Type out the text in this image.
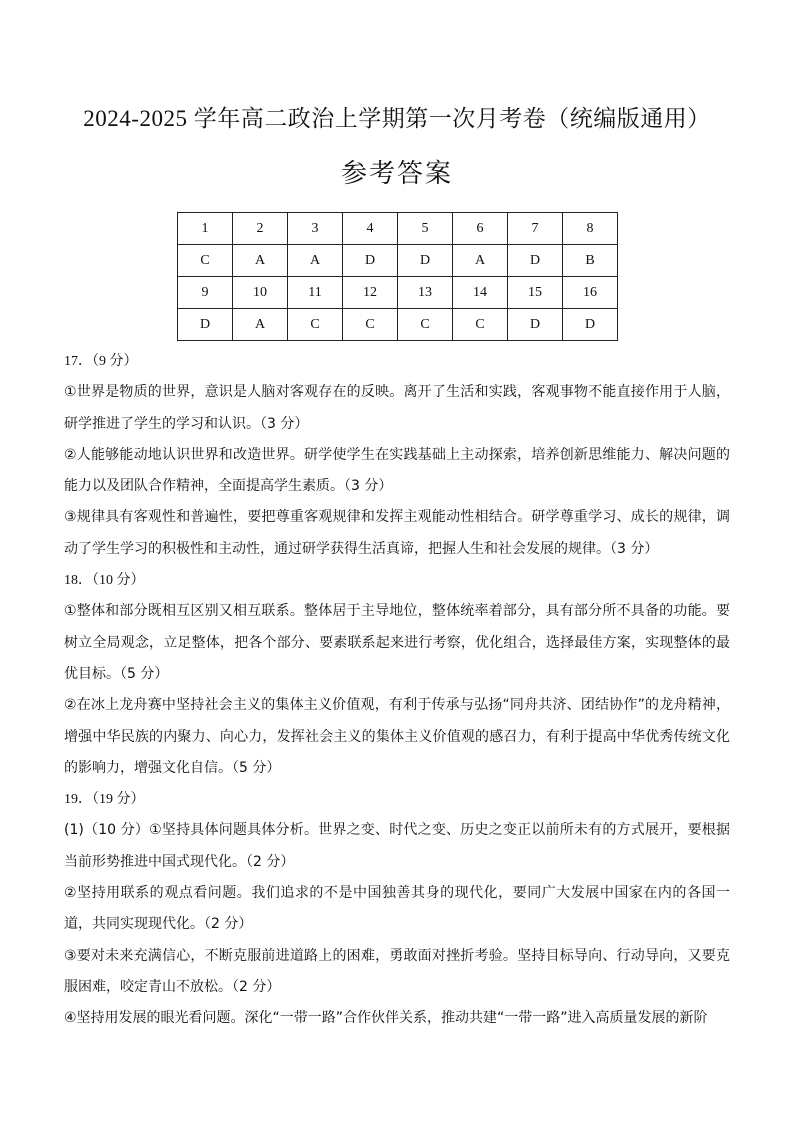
2024-2025 学年高二政治上学期第一次月考卷（统编版通用）
参考答案
1	2	3	4	5	6	7	8
C	A	A	D	D	A	D	B
9	10	11	12	13	14	15	16
D	A	C	C	C	C	D	D

17．（9 分）

①世界是物质的世界，意识是人脑对客观存在的反映。离开了生活和实践，客观事物不能直接作用于人脑，研学推进了学生的学习和认识。（3 分）

②人能够能动地认识世界和改造世界。研学使学生在实践基础上主动探索，培养创新思维能力、解决问题的能力以及团队合作精神，全面提高学生素质。（3 分）

③规律具有客观性和普遍性，要把尊重客观规律和发挥主观能动性相结合。研学尊重学习、成长的规律，调动了学生学习的积极性和主动性，通过研学获得生活真谛，把握人生和社会发展的规律。（3 分）

18．（10 分）

①整体和部分既相互区别又相互联系。整体居于主导地位，整体统率着部分，具有部分所不具备的功能。要树立全局观念，立足整体，把各个部分、要素联系起来进行考察，优化组合，选择最佳方案，实现整体的最优目标。（5 分）

②在冰上龙舟赛中坚持社会主义的集体主义价值观，有利于传承与弘扬“同舟共济、团结协作”的龙舟精神，增强中华民族的内聚力、向心力，发挥社会主义的集体主义价值观的感召力，有利于提高中华优秀传统文化的影响力，增强文化自信。（5 分）

19．（19 分）

(1)（10 分）①坚持具体问题具体分析。世界之变、时代之变、历史之变正以前所未有的方式展开，要根据当前形势推进中国式现代化。（2 分）

②坚持用联系的观点看问题。我们追求的不是中国独善其身的现代化，要同广大发展中国家在内的各国一道，共同实现现代化。（2 分）

③要对未来充满信心，不断克服前进道路上的困难，勇敢面对挫折考验。坚持目标导向、行动导向，又要克服困难，咬定青山不放松。（2 分）

④坚持用发展的眼光看问题。深化“一带一路”合作伙伴关系，推动共建“一带一路”进入高质量发展的新阶
